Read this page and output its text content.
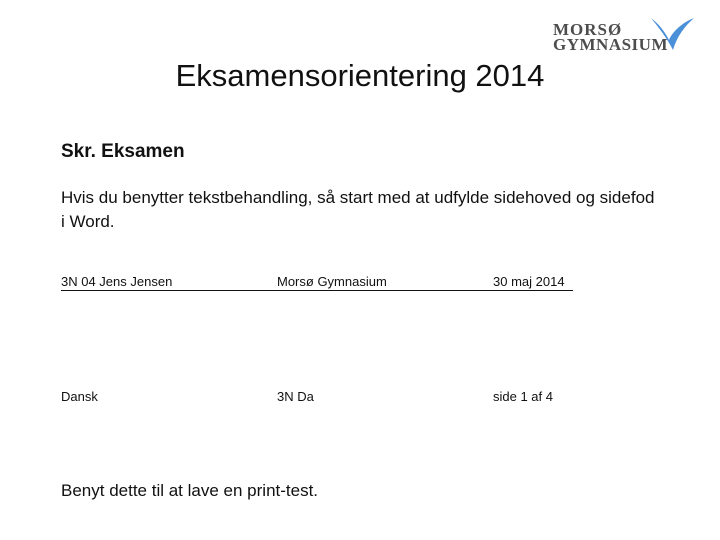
MORSØ
GYMNASIUM
Eksamensorientering 2014
Skr. Eksamen
Hvis du benytter tekstbehandling, så start med at udfylde sidehoved og sidefod i Word.
3N 04 Jens Jensen	Morsø Gymnasium	30 maj 2014
Dansk	3N Da	side 1 af 4
Benyt dette til at lave en print-test.
